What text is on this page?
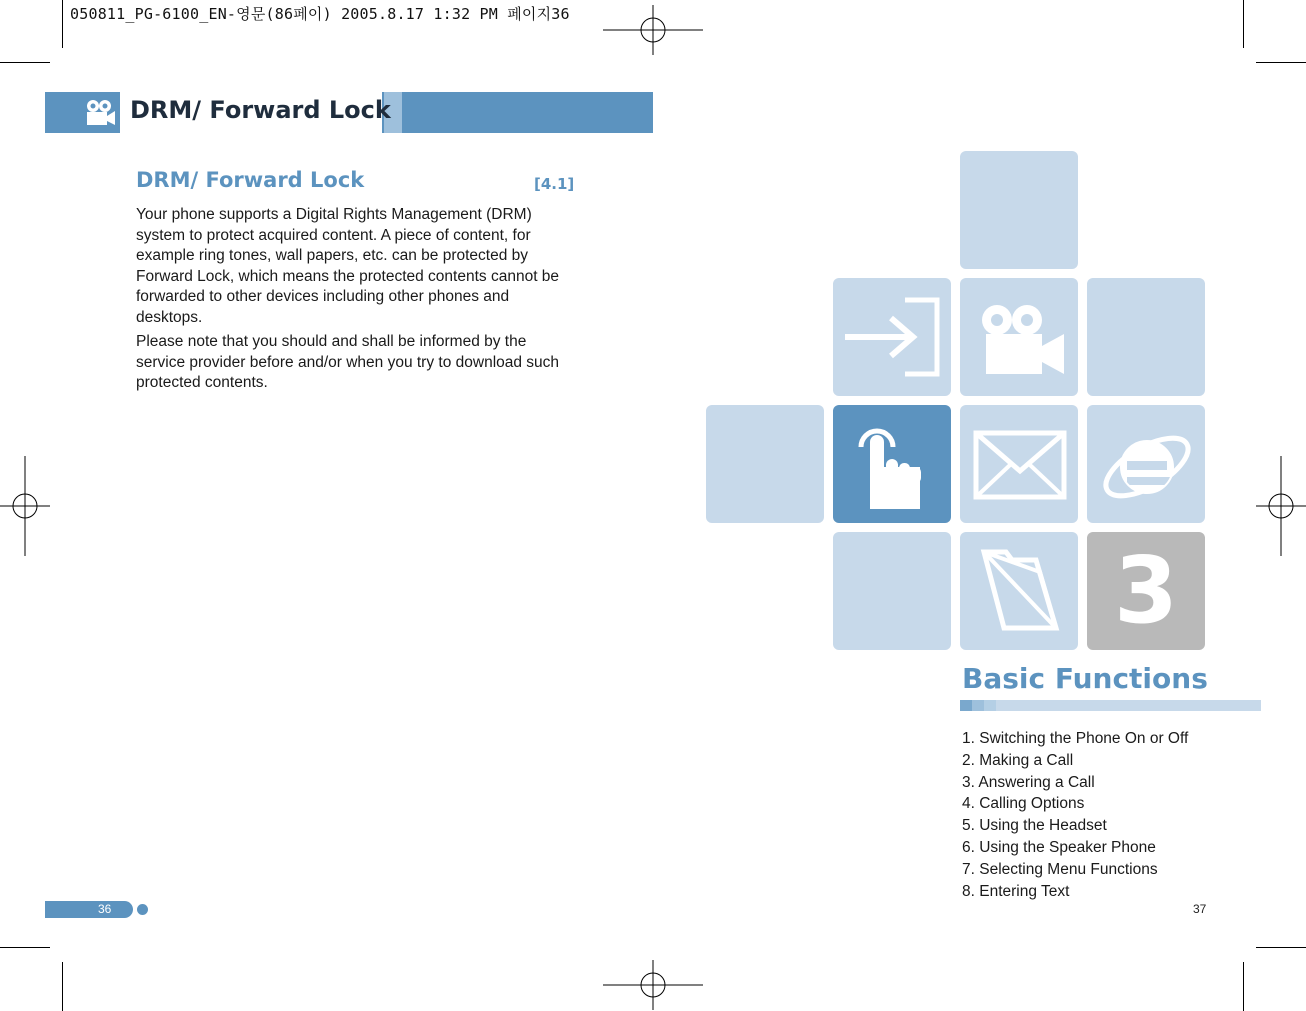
050811_PG-6100_EN-영문(86페이) 2005.8.17 1:32 PM 페이지36
DRM/ Forward Lock
DRM/ Forward Lock	[4.1]
Your phone supports a Digital Rights Management (DRM) system to protect acquired content. A piece of content, for example ring tones, wall papers, etc. can be protected by Forward Lock, which means the protected contents cannot be forwarded to other devices including other phones and desktops.
Please note that you should and shall be informed by the service provider before and/or when you try to download such protected contents.
36
3
Basic Functions
1. Switching the Phone On or Off
2. Making a Call
3. Answering a Call
4. Calling Options
5. Using the Headset
6. Using the Speaker Phone
7. Selecting Menu Functions
8. Entering Text
37
